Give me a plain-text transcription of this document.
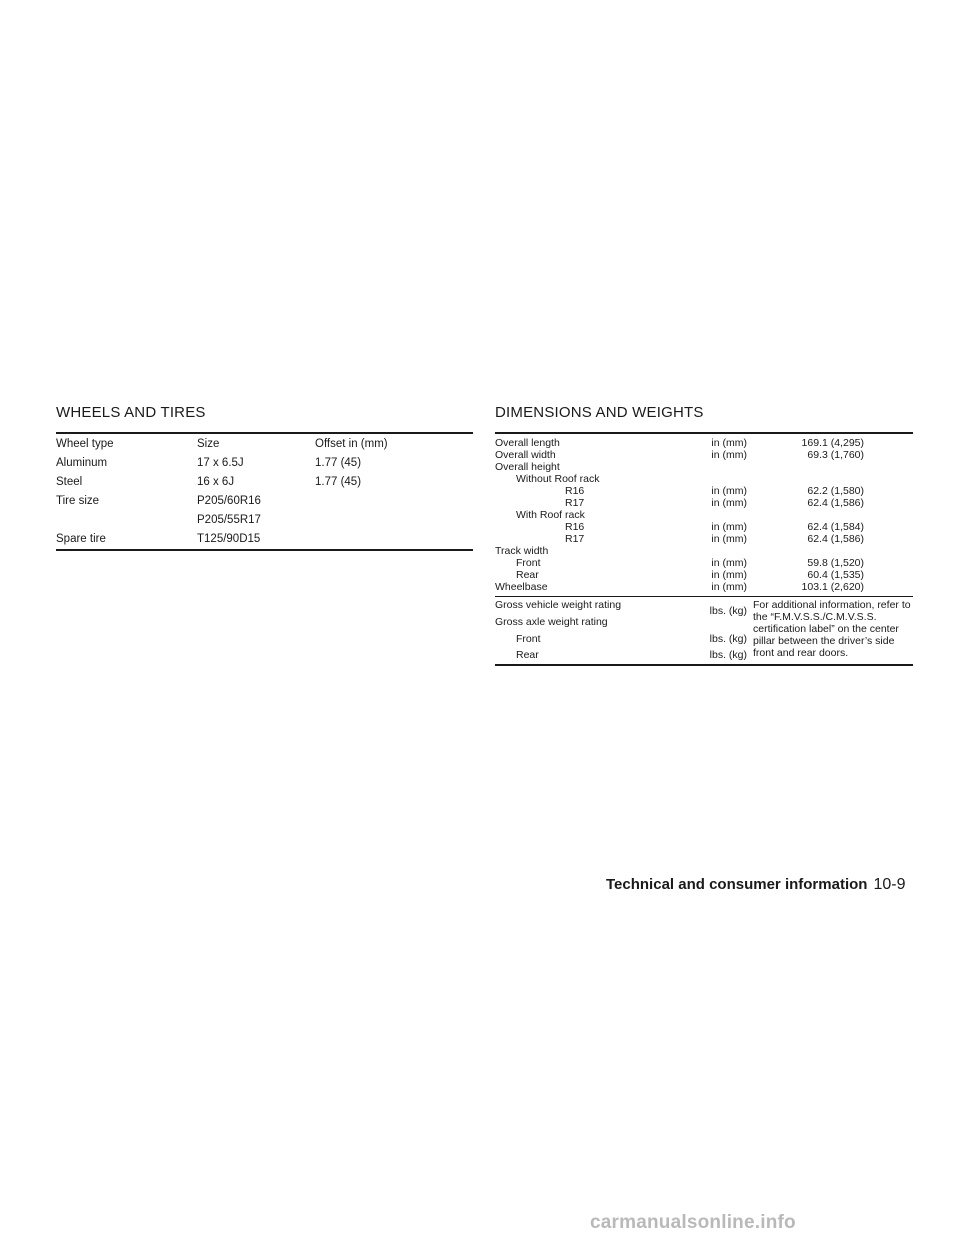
WHEELS AND TIRES
Wheel type	Size	Offset in (mm)
Aluminum	17 x 6.5J	1.77 (45)
Steel	16 x 6J	1.77 (45)
Tire size	P205/60R16
P205/55R17
Spare tire	T125/90D15
DIMENSIONS AND WEIGHTS
Overall length	in (mm)	169.1 (4,295)
Overall width	in (mm)	69.3 (1,760)
Overall height
Without Roof rack
R16	in (mm)	62.2 (1,580)
R17	in (mm)	62.4 (1,586)
With Roof rack
R16	in (mm)	62.4 (1,584)
R17	in (mm)	62.4 (1,586)
Track width
Front	in (mm)	59.8 (1,520)
Rear	in (mm)	60.4 (1,535)
Wheelbase	in (mm)	103.1 (2,620)
Gross vehicle weight rating	lbs. (kg)
Gross axle weight rating
Front	lbs. (kg)
Rear	lbs. (kg)
For additional information, refer to the “F.M.V.S.S./C.M.V.S.S. certification label” on the center pillar between the driver’s side front and rear doors.
Technical and consumer information 10-9
carmanualsonline.info
